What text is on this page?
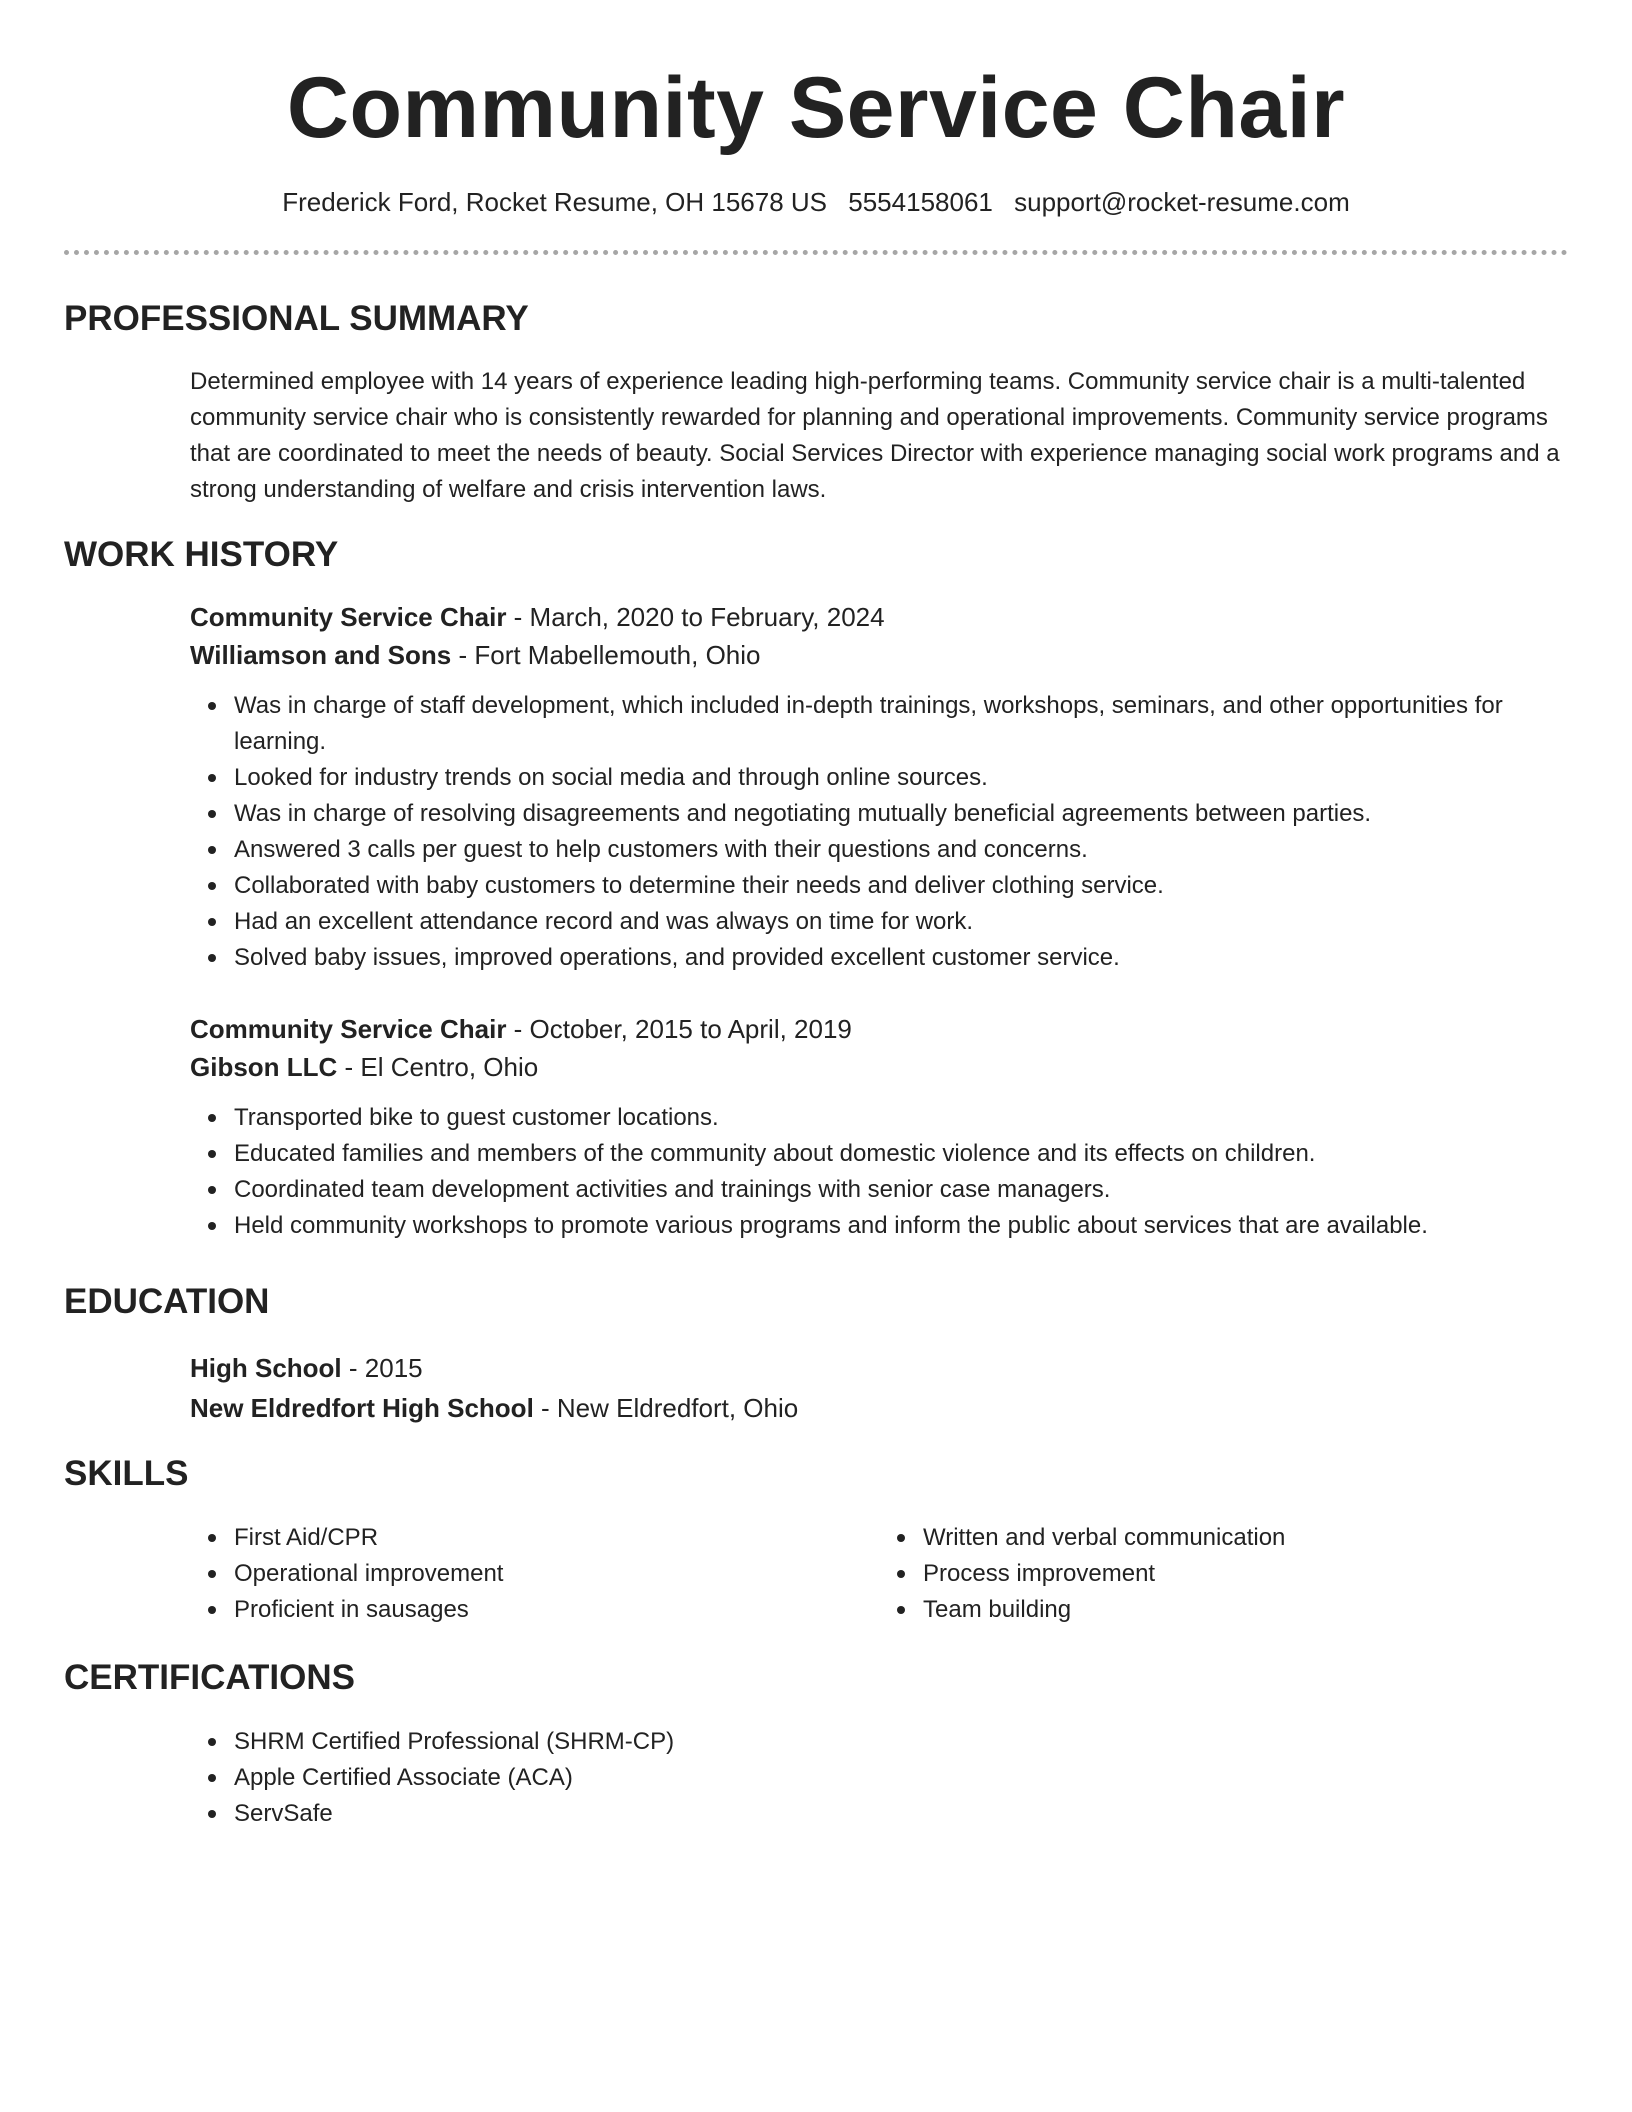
Community Service Chair
Frederick Ford, Rocket Resume, OH 15678 US 5554158061 support@rocket-resume.com
PROFESSIONAL SUMMARY
Determined employee with 14 years of experience leading high-performing teams. Community service chair is a multi-talented community service chair who is consistently rewarded for planning and operational improvements. Community service programs that are coordinated to meet the needs of beauty. Social Services Director with experience managing social work programs and a strong understanding of welfare and crisis intervention laws.
WORK HISTORY
Community Service Chair - March, 2020 to February, 2024
Williamson and Sons - Fort Mabellemouth, Ohio
Was in charge of staff development, which included in-depth trainings, workshops, seminars, and other opportunities for learning.
Looked for industry trends on social media and through online sources.
Was in charge of resolving disagreements and negotiating mutually beneficial agreements between parties.
Answered 3 calls per guest to help customers with their questions and concerns.
Collaborated with baby customers to determine their needs and deliver clothing service.
Had an excellent attendance record and was always on time for work.
Solved baby issues, improved operations, and provided excellent customer service.
Community Service Chair - October, 2015 to April, 2019
Gibson LLC - El Centro, Ohio
Transported bike to guest customer locations.
Educated families and members of the community about domestic violence and its effects on children.
Coordinated team development activities and trainings with senior case managers.
Held community workshops to promote various programs and inform the public about services that are available.
EDUCATION
High School - 2015
New Eldredfort High School - New Eldredfort, Ohio
SKILLS
First Aid/CPR
Operational improvement
Proficient in sausages
Written and verbal communication
Process improvement
Team building
CERTIFICATIONS
SHRM Certified Professional (SHRM-CP)
Apple Certified Associate (ACA)
ServSafe
